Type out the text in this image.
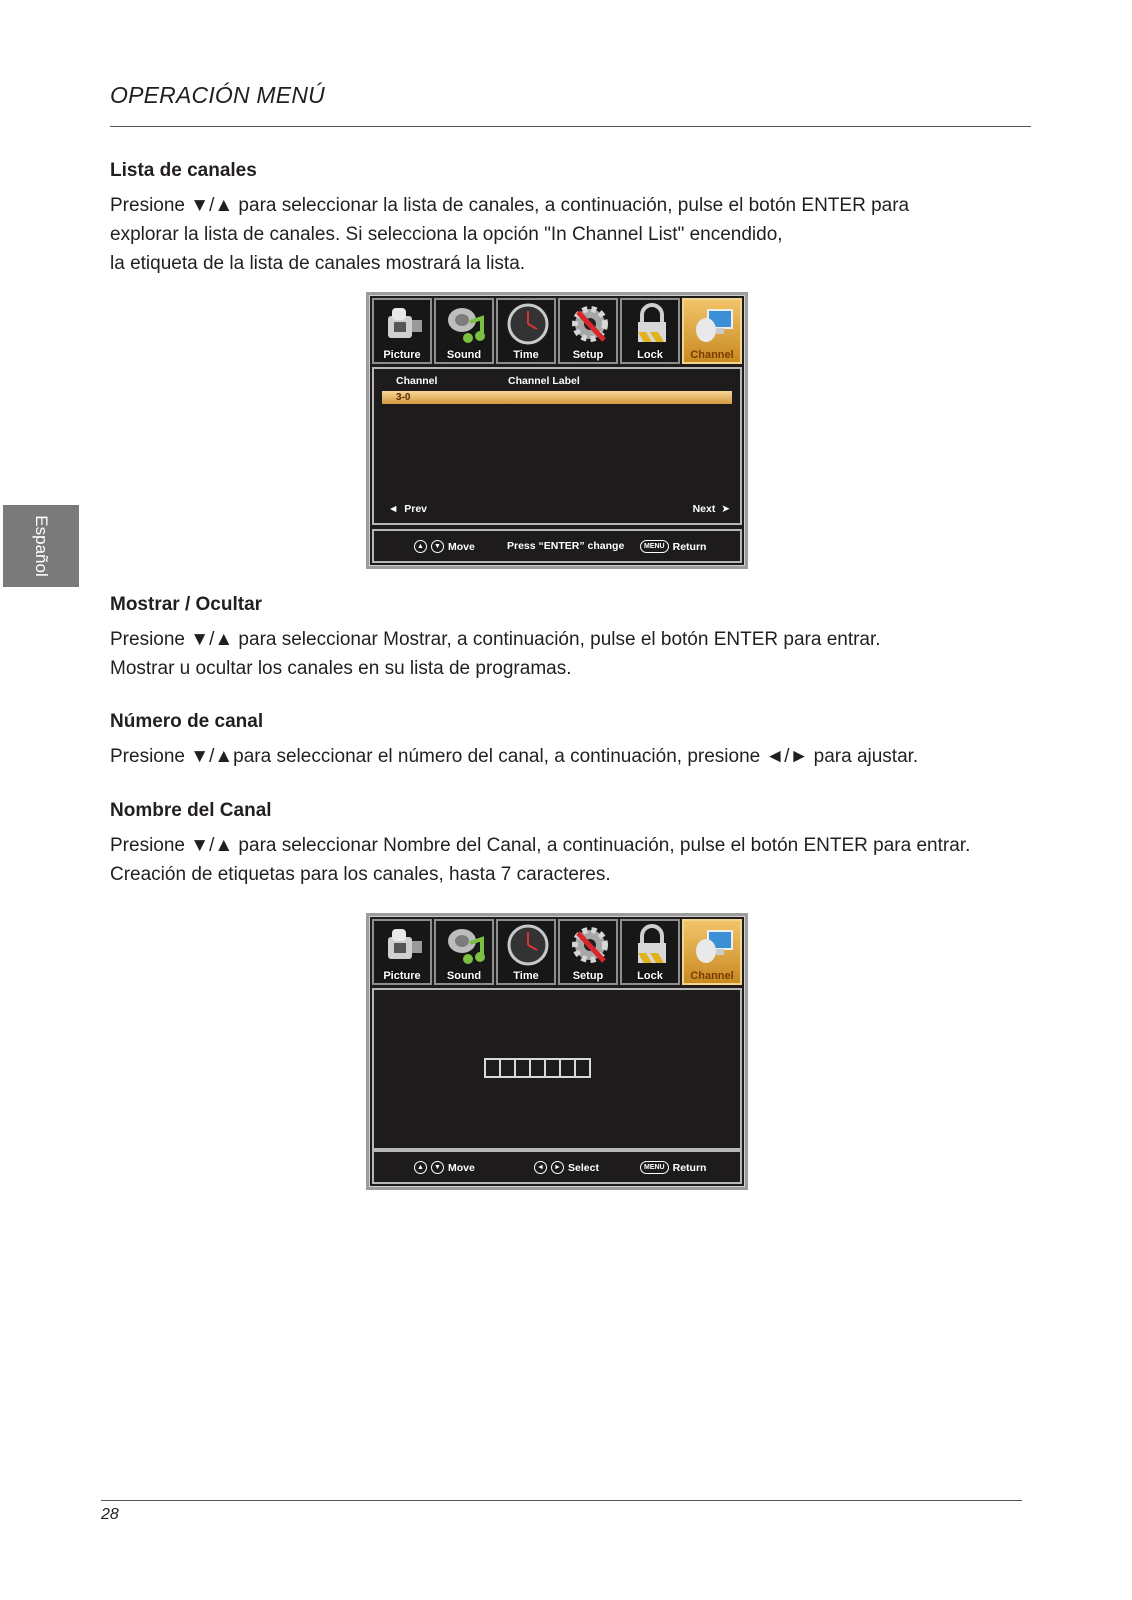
OPERACIÓN MENÚ
Español
Lista de canales

Presione ▼/▲ para seleccionar la lista de canales, a continuación, pulse el botón ENTER para

explorar la lista de canales. Si selecciona la opción "In Channel List" encendido,

la etiqueta de la lista de canales mostrará la lista.

Picture	Sound	Time	Setup	Lock	Channel
Channel	Channel Label
3-0
◄ Prev	Next ➤
▲	▼ Move	Press “ENTER” change	MENU Return
Mostrar / Ocultar

Presione ▼/▲ para seleccionar Mostrar, a continuación, pulse el botón ENTER para entrar.

Mostrar u ocultar los canales en su lista de programas.

Número de canal

Presione ▼/▲para seleccionar el número del canal, a continuación, presione ◄/► para ajustar.

Nombre del Canal

Presione ▼/▲ para seleccionar Nombre del Canal, a continuación, pulse el botón ENTER para entrar.

Creación de etiquetas para los canales, hasta 7 caracteres.

Picture	Sound	Time	Setup	Lock	Channel
▲	▼ Move	◄	► Select	MENU Return
28
